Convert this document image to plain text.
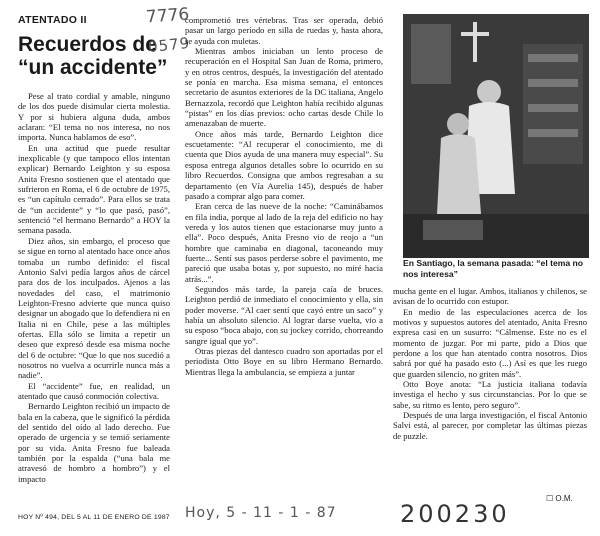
ATENTADO II
Recuerdos de “un accidente”
7776
0579

Pese al trato cordial y amable, ninguno de los dos puede disimular cierta molestia. Y por si hubiera alguna duda, ambos aclaran: “El tema no nos interesa, no nos importa. Nunca hablamos de eso”.

En una actitud que puede resultar inexplicable (y que tampoco ellos intentan explicar) Bernardo Leighton y su esposa Anita Fresno sostienen que el atentado que sufrieron en Roma, el 6 de octubre de 1975, es “un capítulo cerrado”. Para ellos se trata de “un accidente” y “lo que pasó, pasó”, sentenció “el hermano Bernardo” a HOY la semana pasada.

Diez años, sin embargo, el proceso que se sigue en torno al atentado hace once años tomaba un rumbo definido: el fiscal Antonio Salvi pedía largos años de cárcel para dos de los inculpados. Ajenos a las novedades del caso, el matrimonio Leighton-Fresno advierte que nunca quiso designar un abogado que lo defendiera ni en Italia ni en Chile, pese a las múltiples ofertas. Ella sólo se limita a repetir un deseo que expresó desde esa misma noche del 6 de octubre: “Que lo que nos sucedió a nosotros no vuelva a ocurrirle nunca más a nadie”.

El “accidente” fue, en realidad, un atentado que causó conmoción colectiva.

Bernardo Leighton recibió un impacto de bala en la cabeza, que le significó la pérdida del sentido del oído al lado derecho. Fue operado de urgencia y se temió seriamente por su vida. Anita Fresno fue baleada también por la espalda (“una bala me atravesó de hombro a hombro”) y el impacto

comprometió tres vértebras. Tras ser operada, debió pasar un largo período en silla de ruedas y, hasta ahora, se ayuda con muletas.

Mientras ambos iniciaban un lento proceso de recuperación en el Hospital San Juan de Roma, primero, y en otros centros, después, la investigación del atentado se ponía en marcha. Esa misma semana, el entonces secretario de asuntos exteriores de la DC italiana, Angelo Bernazzola, recordó que Leighton había recibido algunas “pistas” en los días previos: ocho cartas desde Chile lo amenazaban de muerte.

Once años más tarde, Bernardo Leighton dice escuetamente: “Al recuperar el conocimiento, me di cuenta que Dios ayuda de una manera muy especial”. Su esposa entrega algunos detalles sobre lo ocurrido en su libro Recuerdos. Consigna que ambos regresaban a su departamento (en Vía Aurelia 145), después de haber pasado a comprar algo para comer.

Eran cerca de las nueve de la noche: “Caminábamos en fila india, porque al lado de la reja del edificio no hay vereda y los autos tienen que estacionarse muy junto a ella”. Poco después, Anita Fresno vio de reojo a “un hombre que caminaba en diagonal, taconeando muy fuerte... Sentí sus pasos perderse sobre el pavimento, me pareció que usaba botas y, por supuesto, no miré hacia atrás...”.

Segundos más tarde, la pareja caía de bruces. Leighton perdió de inmediato el conocimiento y ella, sin poder moverse. “Al caer sentí que cayó entre un saco” y había un absoluto silencio. Al lograr darse vuelta, vio a su esposo “boca abajo, con su jockey corrido, chorreando sangre igual que yo”.

Otras piezas del dantesco cuadro son aportadas por el periodista Otto Boye en su libro Hermano Bernardo. Mientras llega la ambulancia, se empieza a juntar

En Santiago, la semana pasada: “el tema no nos interesa”

mucha gente en el lugar. Ambos, italianos y chilenos, se avisan de lo ocurrido con estupor.

En medio de las especulaciones acerca de los motivos y supuestos autores del atentado, Anita Fresno expresa casi en un susurro: “Cálmense. Este no es el momento de juzgar. Por mi parte, pido a Dios que perdone a los que han atentado contra nosotros. Dios sabrá por qué ha pasado esto (...) Así es que les ruego que guarden silencio, no griten más”.

Otto Boye anota: “La justicia italiana todavía investiga el hecho y sus circunstancias. Por lo que se sabe, su ritmo es lento, pero seguro”.

Después de una larga investigación, el fiscal Antonio Salvi está, al parecer, por completar las últimas piezas de puzzle.

☐ O.M.
HOY Nº 494, DEL 5 AL 11 DE ENERO DE 1987 Hoy, 5 - 11 - 1 - 87	200230
